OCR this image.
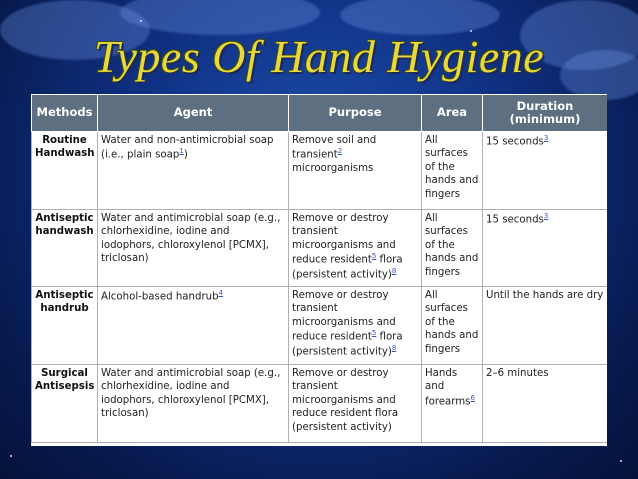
Types Of Hand Hygiene
Methods	Agent	Purpose	Area	Duration
(minimum)
Routine Handwash	Water and non-antimicrobial soap (i.e., plain soap$^1$)	Remove soil and transient$^2$ microorganisms	All surfaces of the hands and fingers	15 seconds$^3$
Antiseptic handwash	Water and antimicrobial soap (e.g., chlorhexidine, iodine and iodophors, chloroxylenol [PCMX], triclosan)	Remove or destroy transient microorganisms and reduce resident$^5$ flora (persistent activity)$^8$	All surfaces of the hands and fingers	15 seconds$^3$
Antiseptic handrub	Alcohol-based handrub$^4$	Remove or destroy transient microorganisms and reduce resident$^5$ flora (persistent activity)$^8$	All surfaces of the hands and fingers	Until the hands are dry
Surgical Antisepsis	Water and antimicrobial soap (e.g., chlorhexidine, iodine and iodophors, chloroxylenol [PCMX], triclosan)	Remove or destroy transient microorganisms and reduce resident flora (persistent activity)	Hands and forearms$^6$	2–6 minutes
